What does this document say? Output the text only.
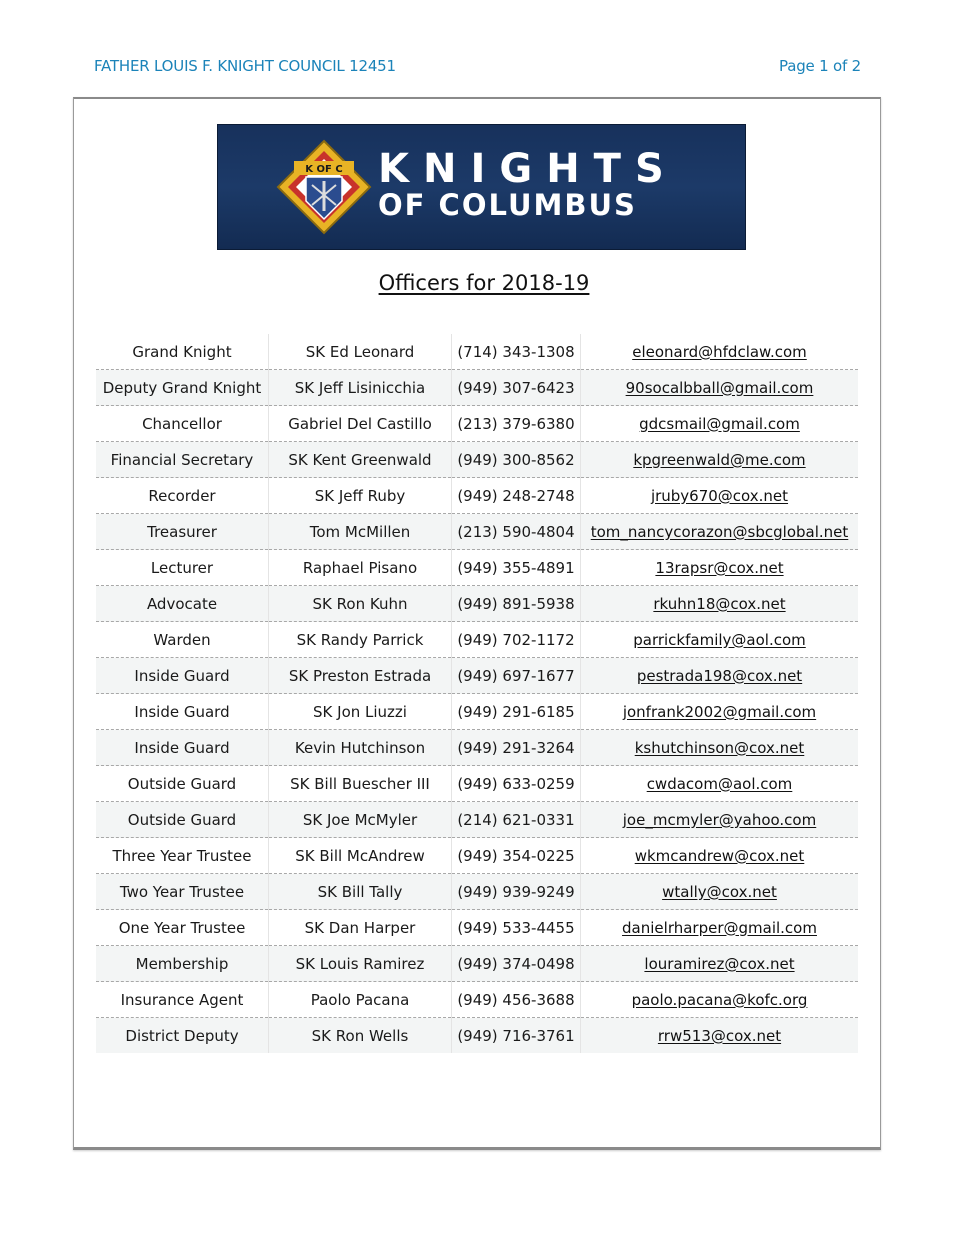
FATHER LOUIS F. KNIGHT COUNCIL 12451	Page 1 of 2
K OF C KNIGHTS
OF COLUMBUS
Officers for 2018-19
Grand Knight	SK Ed Leonard	(714) 343-1308	eleonard@hfdclaw.com
Deputy Grand Knight	SK Jeff Lisinicchia	(949) 307-6423	90socalbball@gmail.com
Chancellor	Gabriel Del Castillo	(213) 379-6380	gdcsmail@gmail.com
Financial Secretary	SK Kent Greenwald	(949) 300-8562	kpgreenwald@me.com
Recorder	SK Jeff Ruby	(949) 248-2748	jruby670@cox.net
Treasurer	Tom McMillen	(213) 590-4804	tom_nancycorazon@sbcglobal.net
Lecturer	Raphael Pisano	(949) 355-4891	13rapsr@cox.net
Advocate	SK Ron Kuhn	(949) 891-5938	rkuhn18@cox.net
Warden	SK Randy Parrick	(949) 702-1172	parrickfamily@aol.com
Inside Guard	SK Preston Estrada	(949) 697-1677	pestrada198@cox.net
Inside Guard	SK Jon Liuzzi	(949) 291-6185	jonfrank2002@gmail.com
Inside Guard	Kevin Hutchinson	(949) 291-3264	kshutchinson@cox.net
Outside Guard	SK Bill Buescher III	(949) 633-0259	cwdacom@aol.com
Outside Guard	SK Joe McMyler	(214) 621-0331	joe_mcmyler@yahoo.com
Three Year Trustee	SK Bill McAndrew	(949) 354-0225	wkmcandrew@cox.net
Two Year Trustee	SK Bill Tally	(949) 939-9249	wtally@cox.net
One Year Trustee	SK Dan Harper	(949) 533-4455	danielrharper@gmail.com
Membership	SK Louis Ramirez	(949) 374-0498	louramirez@cox.net
Insurance Agent	Paolo Pacana	(949) 456-3688	paolo.pacana@kofc.org
District Deputy	SK Ron Wells	(949) 716-3761	rrw513@cox.net
